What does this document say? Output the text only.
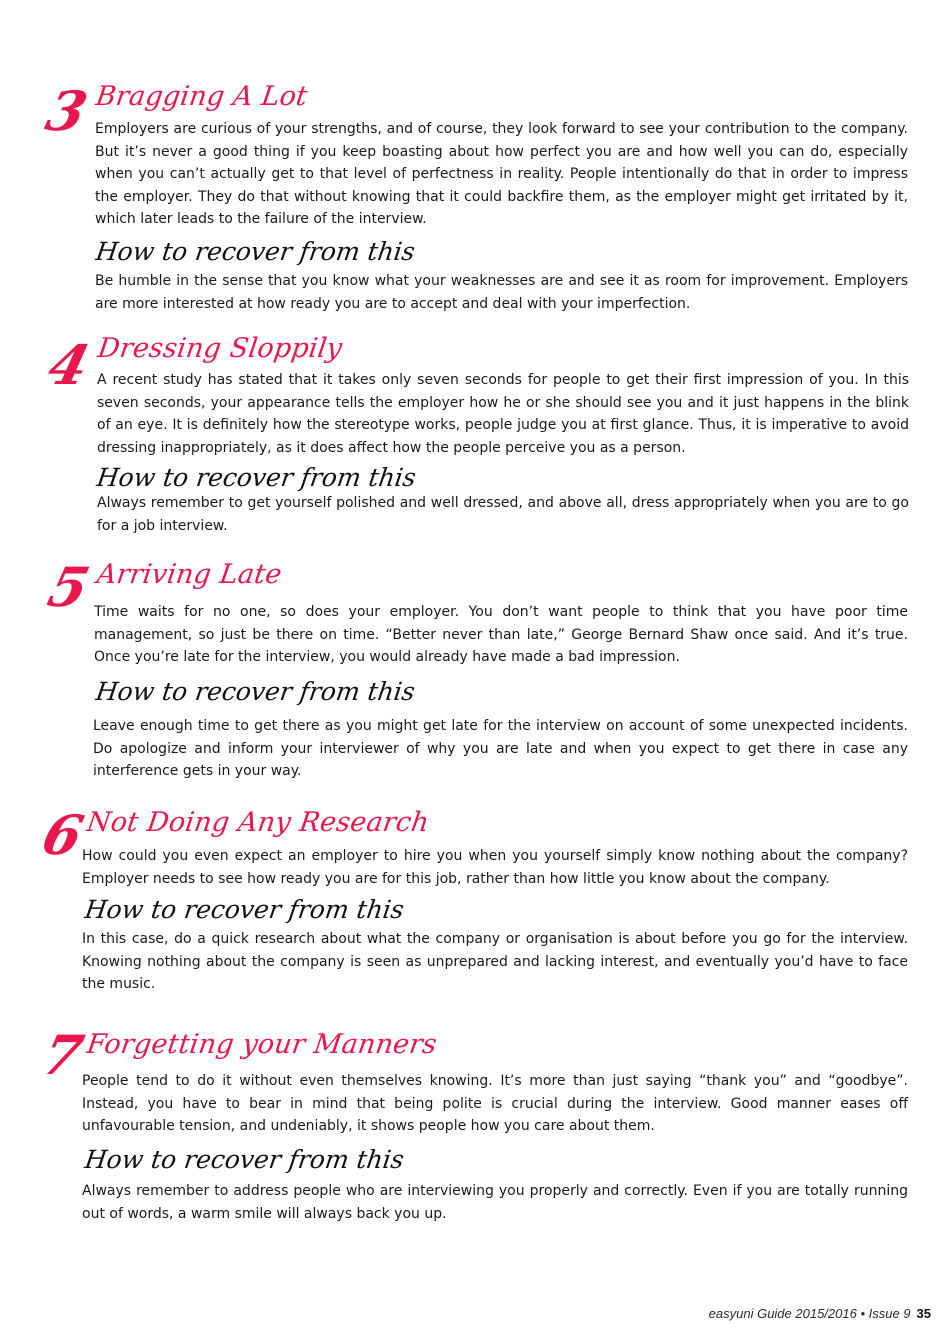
3 Bragging A Lot

Employers are curious of your strengths, and of course, they look forward to see your contribution to the company. But it’s never a good thing if you keep boasting about how perfect you are and how well you can do, especially when you can’t actually get to that level of perfectness in reality. People intentionally do that in order to impress the employer. They do that without knowing that it could backfire them, as the employer might get irritated by it, which later leads to the failure of the interview.

How to recover from this

Be humble in the sense that you know what your weaknesses are and see it as room for improvement. Employers are more interested at how ready you are to accept and deal with your imperfection.

4 Dressing Sloppily

A recent study has stated that it takes only seven seconds for people to get their first impression of you. In this seven seconds, your appearance tells the employer how he or she should see you and it just happens in the blink of an eye. It is definitely how the stereotype works, people judge you at first glance. Thus, it is imperative to avoid dressing inappropriately, as it does affect how the people perceive you as a person.

How to recover from this

Always remember to get yourself polished and well dressed, and above all, dress appropriately when you are to go for a job interview.

5 Arriving Late

Time waits for no one, so does your employer. You don’t want people to think that you have poor time management, so just be there on time. “Better never than late,” George Bernard Shaw once said. And it’s true. Once you’re late for the interview, you would already have made a bad impression.

How to recover from this

Leave enough time to get there as you might get late for the interview on account of some unexpected incidents. Do apologize and inform your interviewer of why you are late and when you expect to get there in case any interference gets in your way.

6
Not Doing Any Research

How could you even expect an employer to hire you when you yourself simply know nothing about the company? Employer needs to see how ready you are for this job, rather than how little you know about the company.

How to recover from this

In this case, do a quick research about what the company or organisation is about before you go for the interview. Knowing nothing about the company is seen as unprepared and lacking interest, and eventually you’d have to face the music.

7
Forgetting your Manners

People tend to do it without even themselves knowing. It’s more than just saying “thank you” and “goodbye”. Instead, you have to bear in mind that being polite is crucial during the interview. Good manner eases off unfavourable tension, and undeniably, it shows people how you care about them.

How to recover from this

Always remember to address people who are interviewing you properly and correctly. Even if you are totally running out of words, a warm smile will always back you up.

easyuni Guide 2015/2016 • Issue 9 35
